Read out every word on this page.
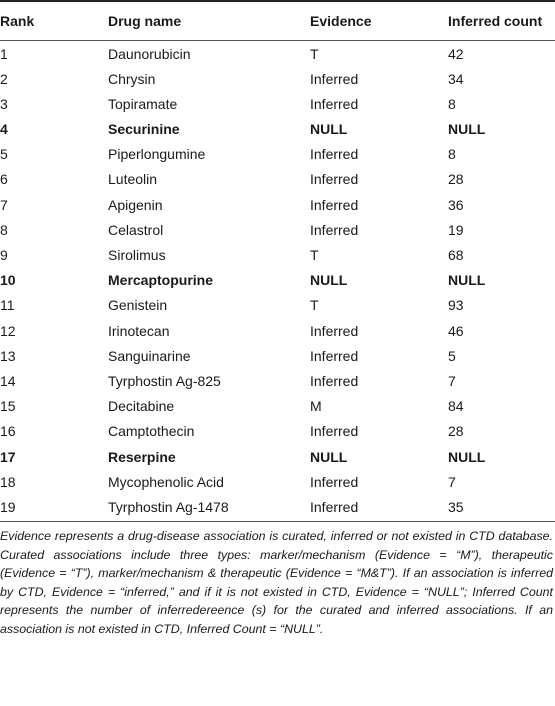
Rank	Drug name	Evidence	Inferred count
1	Daunorubicin	T	42
2	Chrysin	Inferred	34
3	Topiramate	Inferred	8
4	Securinine	NULL	NULL
5	Piperlongumine	Inferred	8
6	Luteolin	Inferred	28
7	Apigenin	Inferred	36
8	Celastrol	Inferred	19
9	Sirolimus	T	68
10	Mercaptopurine	NULL	NULL
11	Genistein	T	93
12	Irinotecan	Inferred	46
13	Sanguinarine	Inferred	5
14	Tyrphostin Ag-825	Inferred	7
15	Decitabine	M	84
16	Camptothecin	Inferred	28
17	Reserpine	NULL	NULL
18	Mycophenolic Acid	Inferred	7
19	Tyrphostin Ag-1478	Inferred	35
Evidence represents a drug-disease association is curated, inferred or not existed in CTD database. Curated associations include three types: marker/mechanism (Evidence = “M”), therapeutic (Evidence = “T”), marker/mechanism & therapeutic (Evidence = “M&T”). If an association is inferred by CTD, Evidence = “inferred,” and if it is not existed in CTD, Evidence = “NULL”; Inferred Count represents the number of inferredereence (s) for the curated and inferred associations. If an association is not existed in CTD, Inferred Count = “NULL”.
